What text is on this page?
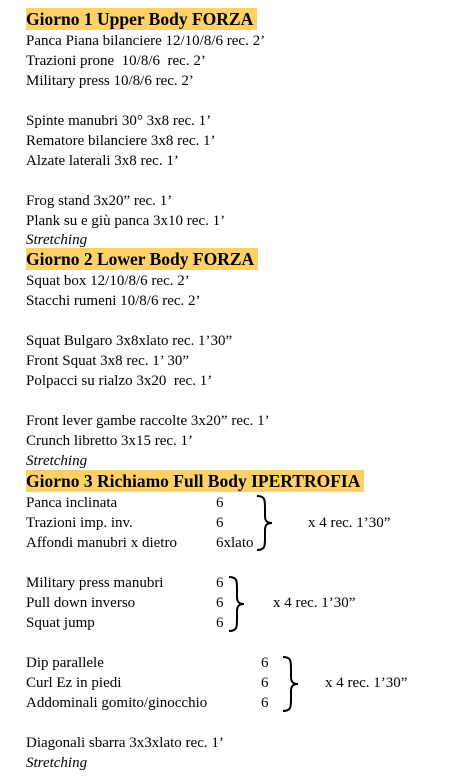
Giorno 1 Upper Body FORZA
Panca Piana bilanciere 12/10/8/6 rec. 2’
Trazioni prone  10/8/6  rec. 2’
Military press 10/8/6 rec. 2’
Spinte manubri 30° 3x8 rec. 1’
Rematore bilanciere 3x8 rec. 1’
Alzate laterali 3x8 rec. 1’
Frog stand 3x20” rec. 1’
Plank su e giù panca 3x10 rec. 1’
Stretching
Giorno 2 Lower Body FORZA
Squat box 12/10/8/6 rec. 2’
Stacchi rumeni 10/8/6 rec. 2’
Squat Bulgaro 3x8xlato rec. 1’30”
Front Squat 3x8 rec. 1’ 30”
Polpacci su rialzo 3x20  rec. 1’
Front lever gambe raccolte 3x20” rec. 1’
Crunch libretto 3x15 rec. 1’
Stretching
Giorno 3 Richiamo Full Body IPERTROFIA
Panca inclinata	6
Trazioni imp. inv.	6
Affondi manubri x dietro	6xlato
x 4 rec. 1’30”
Military press manubri	6
Pull down inverso	6
Squat jump	6
x 4 rec. 1’30”
Dip parallele	6
Curl Ez in piedi	6
Addominali gomito/ginocchio	6
x 4 rec. 1’30”
Diagonali sbarra 3x3xlato rec. 1’
Stretching
